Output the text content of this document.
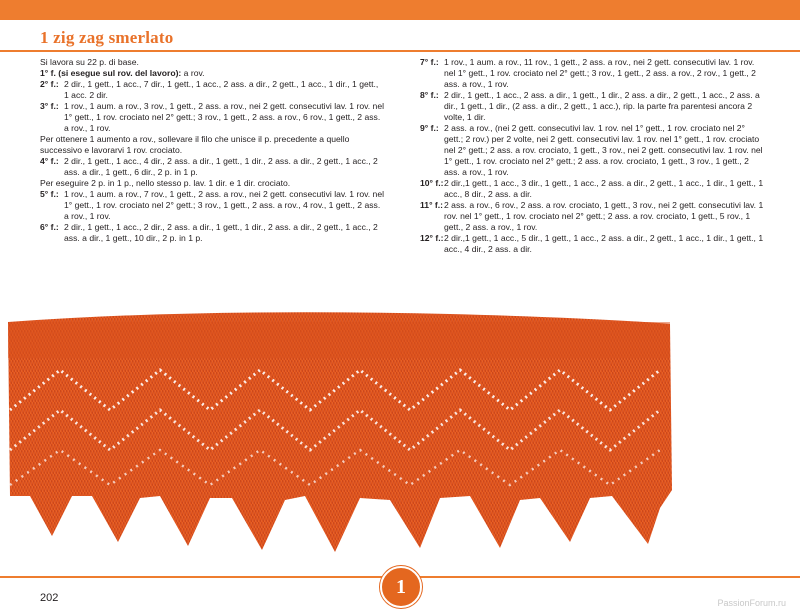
1 zig zag smerlato

Si lavora su 22 p. di base.

1° f. (si esegue sul rov. del lavoro): a rov.

2° f.: 2 dir., 1 gett., 1 acc., 7 dir., 1 gett., 1 acc., 2 ass. a dir., 2 gett., 1 acc., 1 dir., 1 gett., 1 acc. 2 dir.
3° f.: 1 rov., 1 aum. a rov., 3 rov., 1 gett., 2 ass. a rov., nei 2 gett. consecutivi lav. 1 rov. nel 1° gett., 1 rov. crociato nel 2° gett.; 3 rov., 1 gett., 2 ass. a rov., 6 rov., 1 gett., 2 ass. a rov., 1 rov.

Per ottenere 1 aumento a rov., sollevare il filo che unisce il p. precedente a quello successivo e lavorarvi 1 rov. crociato.

4° f.: 2 dir., 1 gett., 1 acc., 4 dir., 2 ass. a dir., 1 gett., 1 dir., 2 ass. a dir., 2 gett., 1 acc., 2 ass. a dir., 1 gett., 6 dir., 2 p. in 1 p.

Per eseguire 2 p. in 1 p., nello stesso p. lav. 1 dir. e 1 dir. crociato.

5° f.: 1 rov., 1 aum. a rov., 7 rov., 1 gett., 2 ass. a rov., nei 2 gett. consecutivi lav. 1 rov. nel 1° gett., 1 rov. crociato nel 2° gett.; 3 rov., 1 gett., 2 ass. a rov., 4 rov., 1 gett., 2 ass. a rov., 1 rov.
6° f.: 2 dir., 1 gett., 1 acc., 2 dir., 2 ass. a dir., 1 gett., 1 dir., 2 ass. a dir., 2 gett., 1 acc., 2 ass. a dir., 1 gett., 10 dir., 2 p. in 1 p.
7° f.: 1 rov., 1 aum. a rov., 11 rov., 1 gett., 2 ass. a rov., nei 2 gett. consecutivi lav. 1 rov. nel 1° gett., 1 rov. crociato nel 2° gett.; 3 rov., 1 gett., 2 ass. a rov., 2 rov., 1 gett., 2 ass. a rov., 1 rov.
8° f.: 2 dir., 1 gett., 1 acc., 2 ass. a dir., 1 gett., 1 dir., 2 ass. a dir., 2 gett., 1 acc., 2 ass. a dir., 1 gett., 1 dir., (2 ass. a dir., 2 gett., 1 acc.), rip. la parte fra parentesi ancora 2 volte, 1 dir.
9° f.: 2 ass. a rov., (nei 2 gett. consecutivi lav. 1 rov. nel 1° gett., 1 rov. crociato nel 2° gett.; 2 rov.) per 2 volte, nei 2 gett. consecutivi lav. 1 rov. nel 1° gett., 1 rov. crociato nel 2° gett.; 2 ass. a rov. crociato, 1 gett., 3 rov., nei 2 gett. consecutivi lav. 1 rov. nel 1° gett., 1 rov. crociato nel 2° gett.; 2 ass. a rov. crociato, 1 gett., 3 rov., 1 gett., 2 ass. a rov., 1 rov.
10° f.: 2 dir.,1 gett., 1 acc., 3 dir., 1 gett., 1 acc., 2 ass. a dir., 2 gett., 1 acc., 1 dir., 1 gett., 1 acc., 8 dir., 2 ass. a dir.
11° f.: 2 ass. a rov., 6 rov., 2 ass. a rov. crociato, 1 gett., 3 rov., nei 2 gett. consecutivi lav. 1 rov. nel 1° gett., 1 rov. crociato nel 2° gett.; 2 ass. a rov. crociato, 1 gett., 5 rov., 1 gett., 2 ass. a rov., 1 rov.
12° f.: 2 dir.,1 gett., 1 acc., 5 dir., 1 gett., 1 acc., 2 ass. a dir., 2 gett., 1 acc., 1 dir., 1 gett., 1 acc., 4 dir., 2 ass. a dir.
1
202	PassionForum.ru
